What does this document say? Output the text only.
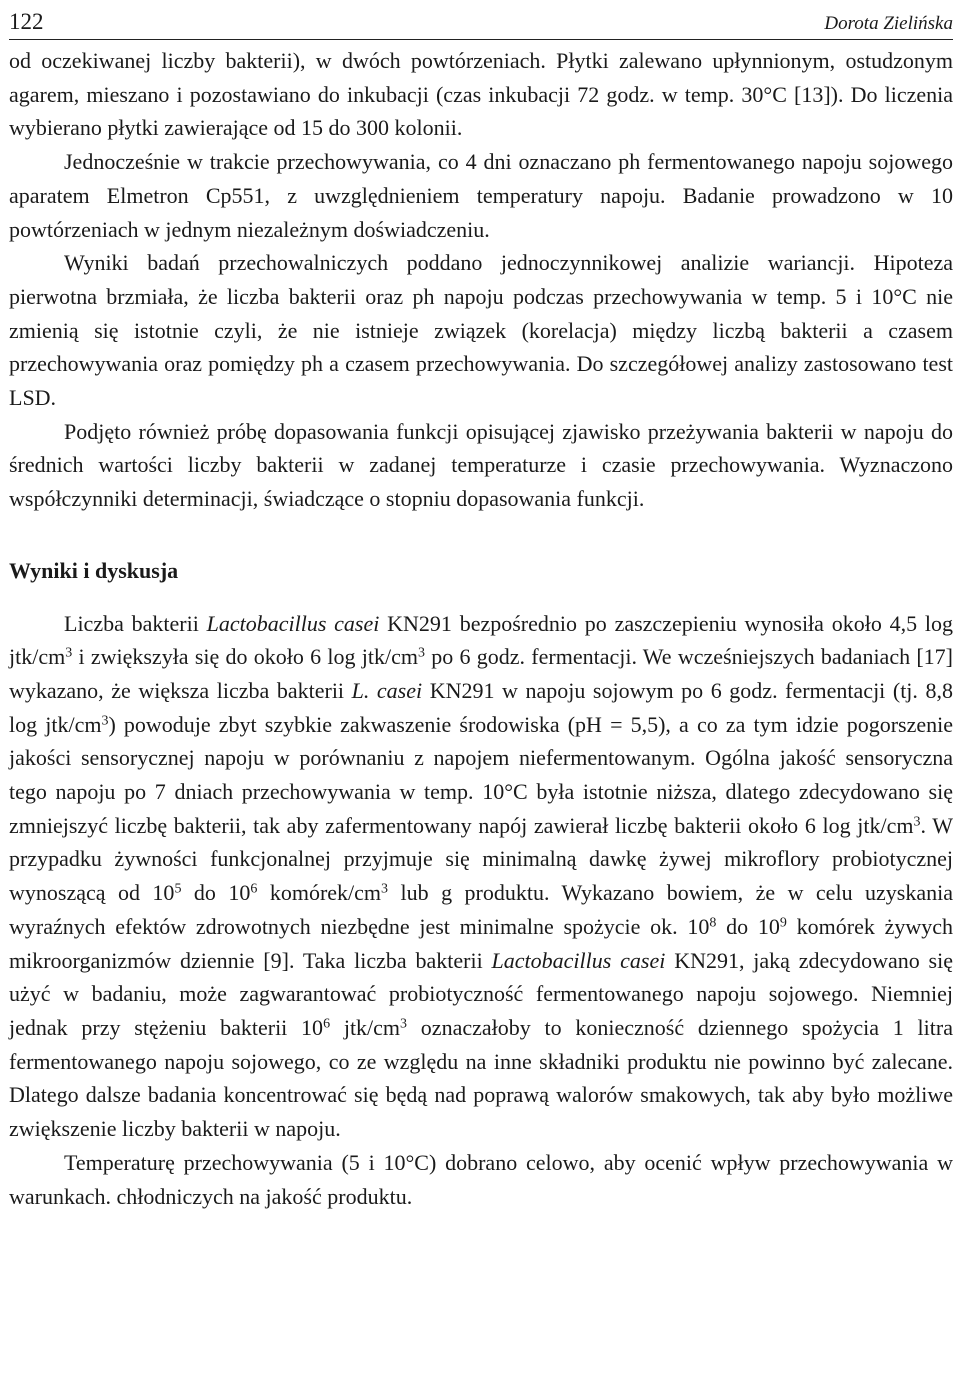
122	Dorota Zielińska

od oczekiwanej liczby bakterii), w dwóch powtórzeniach. Płytki zalewano upłynnionym, ostudzonym agarem, mieszano i pozostawiano do inkubacji (czas inkubacji 72 godz. w temp. 30°C [13]). Do liczenia wybierano płytki zawierające od 15 do 300 kolonii.

Jednocześnie w trakcie przechowywania, co 4 dni oznaczano ph fermentowanego napoju sojowego aparatem Elmetron Cp551, z uwzględnieniem temperatury napoju. Badanie prowadzono w 10 powtórzeniach w jednym niezależnym doświadczeniu.

Wyniki badań przechowalniczych poddano jednoczynnikowej analizie wariancji. Hipoteza pierwotna brzmiała, że liczba bakterii oraz ph napoju podczas przechowywania w temp. 5 i 10°C nie zmienią się istotnie czyli, że nie istnieje związek (korelacja) między liczbą bakterii a czasem przechowywania oraz pomiędzy ph a czasem przechowywania. Do szczegółowej analizy zastosowano test LSD.

Podjęto również próbę dopasowania funkcji opisującej zjawisko przeżywania bakterii w napoju do średnich wartości liczby bakterii w zadanej temperaturze i czasie przechowywania. Wyznaczono współczynniki determinacji, świadczące o stopniu dopasowania funkcji.

Wyniki i dyskusja

Liczba bakterii Lactobacillus casei KN291 bezpośrednio po zaszczepieniu wynosiła około 4,5 log jtk/$cm^3$ i zwiększyła się do około 6 log jtk/$cm^3$ po 6 godz. fermentacji. We wcześniejszych badaniach [17] wykazano, że większa liczba bakterii L. casei KN291 w napoju sojowym po 6 godz. fermentacji (tj. 8,8 log jtk/$cm^3$) powoduje zbyt szybkie zakwaszenie środowiska (pH = 5,5), a co za tym idzie pogorszenie jakości sensorycznej napoju w porównaniu z napojem niefermentowanym. Ogólna jakość sensoryczna tego napoju po 7 dniach przechowywania w temp. 10°C była istotnie niższa, dlatego zdecydowano się zmniejszyć liczbę bakterii, tak aby zafermentowany napój zawierał liczbę bakterii około 6 log jtk/$cm^3$. W przypadku żywności funkcjonalnej przyjmuje się minimalną dawkę żywej mikroflory probiotycznej wynoszącą od $10^5$ do $10^6$ komórek/$cm^3$ lub g produktu. Wykazano bowiem, że w celu uzyskania wyraźnych efektów zdrowotnych niezbędne jest minimalne spożycie ok. $10^8$ do $10^9$ komórek żywych mikroorganizmów dziennie [9]. Taka liczba bakterii Lactobacillus casei KN291, jaką zdecydowano się użyć w badaniu, może zagwarantować probiotyczność fermentowanego napoju sojowego. Niemniej jednak przy stężeniu bakterii $10^6$ jtk/$cm^3$ oznaczałoby to konieczność dziennego spożycia 1 litra fermentowanego napoju sojowego, co ze względu na inne składniki produktu nie powinno być zalecane. Dlatego dalsze badania koncentrować się będą nad poprawą walorów smakowych, tak aby było możliwe zwiększenie liczby bakterii w napoju.

Temperaturę przechowywania (5 i 10°C) dobrano celowo, aby ocenić wpływ przechowywania w warunkach. chłodniczych na jakość produktu.
